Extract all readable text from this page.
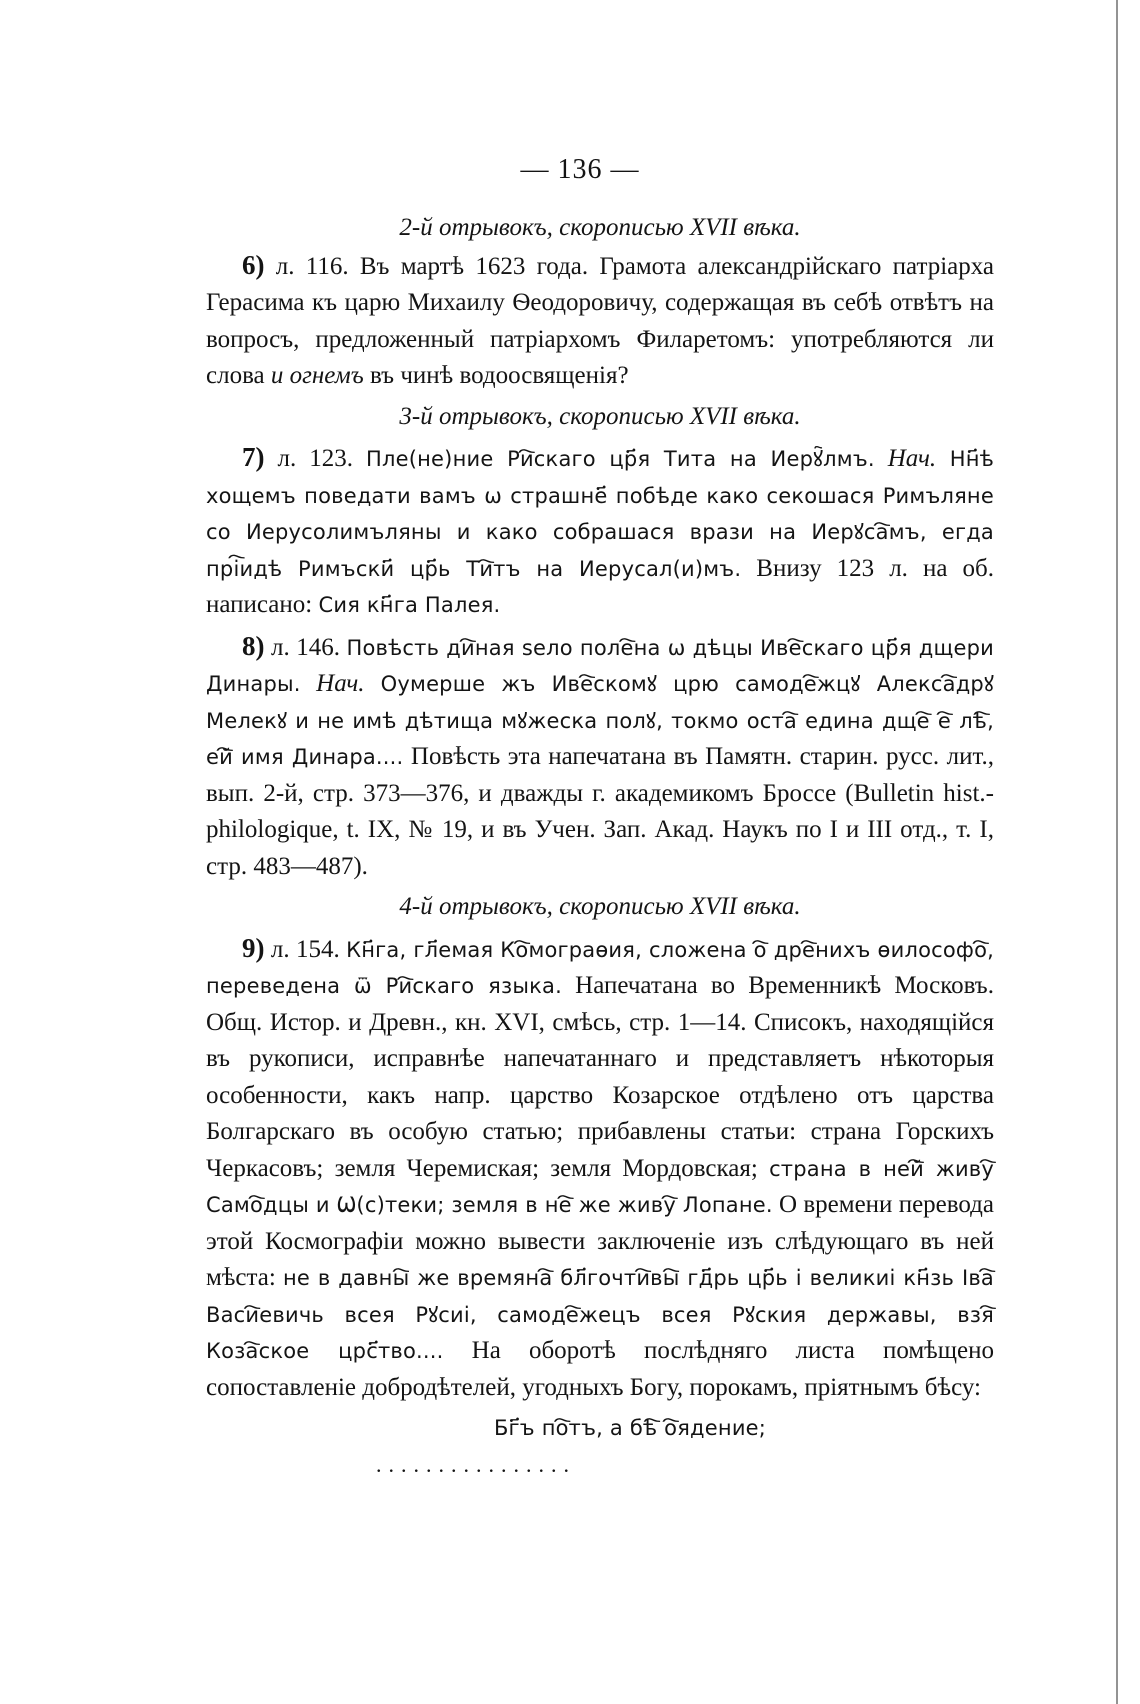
— 136 —

2-й отрывокъ, скорописью XVII вѣка.

6) л. 116. Въ мартѣ 1623 года. Грамота александрійскаго патріарха Герасима къ царю Михаилу Ѳеодоровичу, содержащая въ себѣ отвѣтъ на вопросъ, предложенный патріархомъ Филаретомъ: употребляются ли слова и огнемъ въ чинѣ водоосвященія?

3-й отрывокъ, скорописью XVII вѣка.

7) л. 123. Пле(не)ние Ри҇скаго цр҃я Тита на Иерꙋ҇лмъ. Нач. Нн҃ѣ хощемъ поведати вамъ ѡ страшне҃ побѣде како секошася Римъляне со Иерусолимъляны и како собрашася врази на Иерꙋса҇мъ, егда прі҇идѣ Римъски҃ цр҃ь Ти҇тъ на Иерусал(и)мъ. Внизу 123 л. на об. написано: Сия кн҃га Палея.

8) л. 146. Повѣсть ди҇ная ѕело поле҇на ѡ дѣцы Иве҇скаго цр҃я дщери Динары. Нач. Оумерше жъ Иве҇скомꙋ црю самоде҇жцꙋ Алекса҇дрꙋ Мелекꙋ и не имѣ дѣтища мꙋжеска полꙋ, токмо оста҇ едина дще҇ е҇ лѣ҇, ей҇ имя Динара.... Повѣсть эта напечатана въ Памятн. старин. русс. лит., вып. 2-й, стр. 373—376, и дважды г. академикомъ Броссе (Bulletin hist.-philologique, t. IX, № 19, и въ Учен. Зап. Акад. Наукъ по I и III отд., т. I, стр. 483—487).

4-й отрывокъ, скорописью XVII вѣка.

9) л. 154. Кн҃га, гл҃емая Ко҇мограѳия, сложена о҇ дре҇нихъ ѳилософо҇, переведена ѿ Ри҇скаго языка. Напечатана во Временникѣ Московъ. Общ. Истор. и Древн., кн. XVI, смѣсь, стр. 1—14. Списокъ, находящійся въ рукописи, исправнѣе напечатаннаго и представляетъ нѣкоторыя особенности, какъ напр. царство Козарское отдѣлено отъ царства Болгарскаго въ особую статью; прибавлены статьи: страна Горскихъ Черкасовъ; земля Черемиская; земля Мордовская; страна в ней҇ живу҇ Само҇дцы и Ѡ(с)теки; земля в не҇ же живу҇ Лопане. О времени перевода этой Космографіи можно вывести заключеніе изъ слѣдующаго въ ней мѣста: не в давны҇ же времяна҇ бл҃гочти҇вы҇ гд҃рь цр҃ь і великиі кн҃зь Іва҇ Васи҇евичь всея Рꙋсиі, самоде҇жецъ всея Рꙋския державы, взя҇ Коза҇ское црс҃тво.... На оборотѣ послѣдняго листа помѣщено сопоставленіе добродѣтелей, угодныхъ Богу, порокамъ, пріятнымъ бѣсу:

Бг҃ъ по҇тъ, а бѣ҇ о҇ядение;

................
